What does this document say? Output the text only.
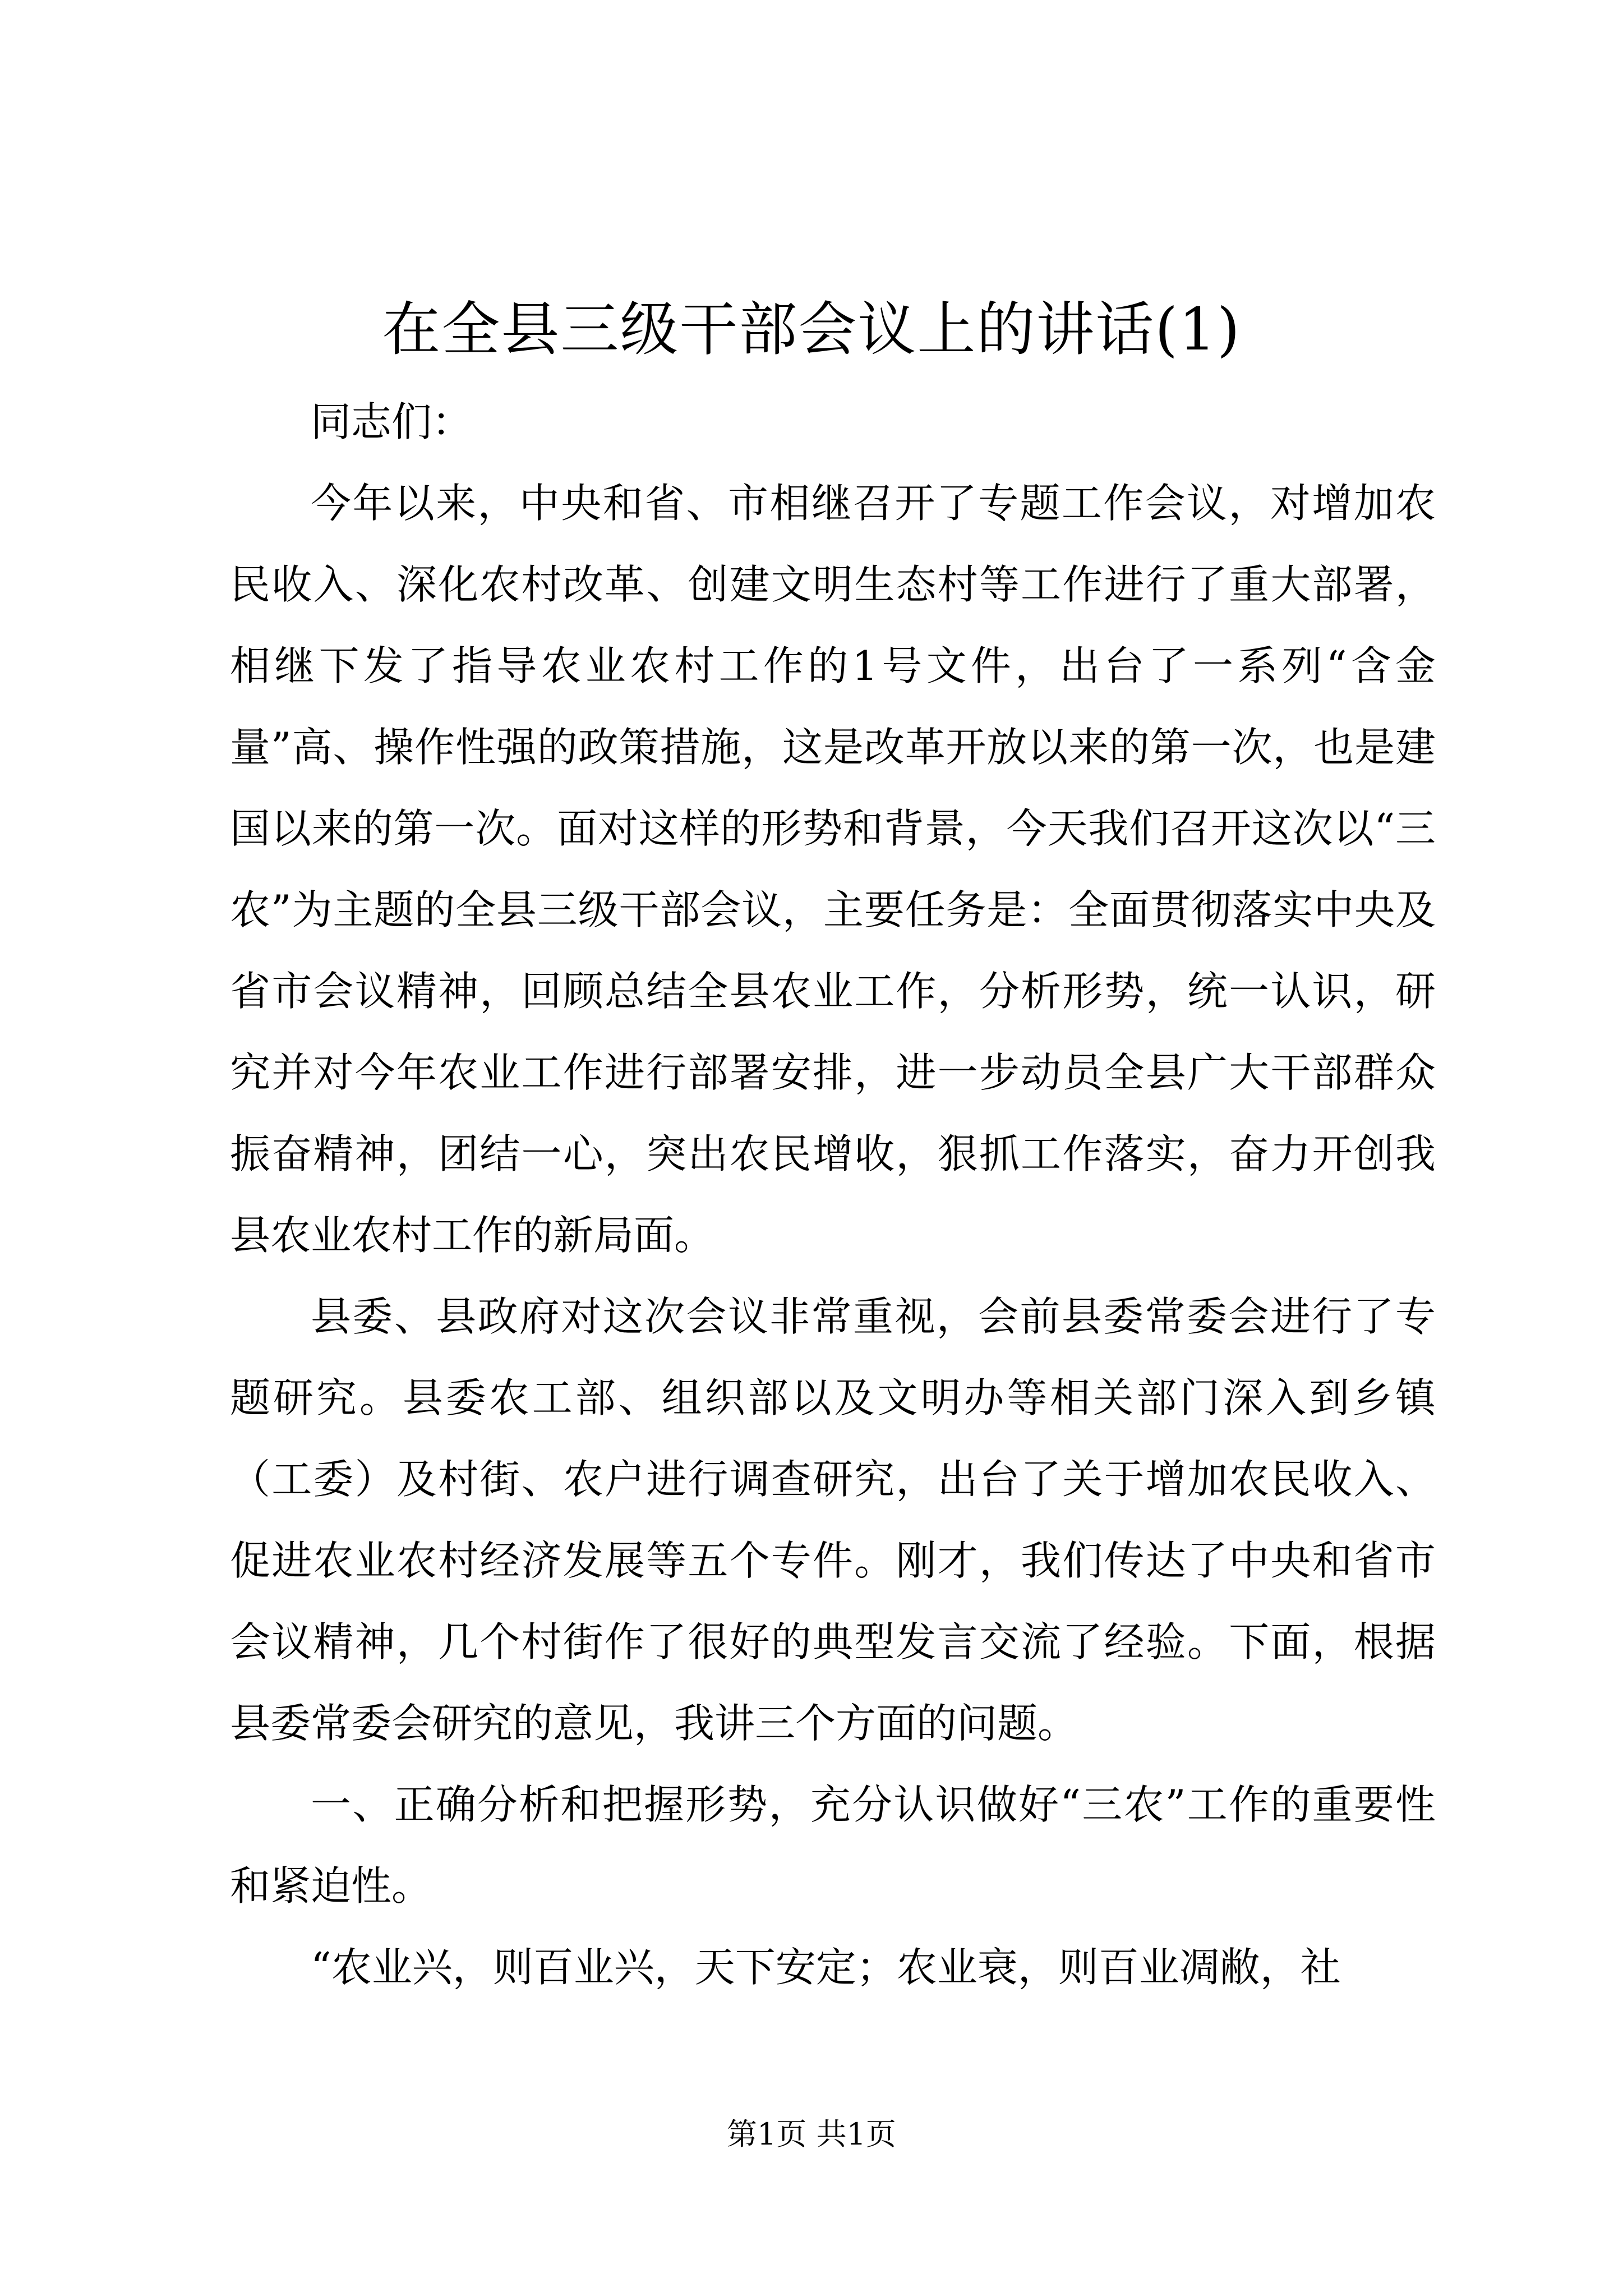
在全县三级干部会议上的讲话(1)

同志们：

今年以来，中央和省、市相继召开了专题工作会议，对增加农民收入、深化农村改革、创建文明生态村等工作进行了重大部署，相继下发了指导农业农村工作的1号文件，出台了一系列“含金量”高、操作性强的政策措施，这是改革开放以来的第一次，也是建国以来的第一次。面对这样的形势和背景，今天我们召开这次以“三农”为主题的全县三级干部会议，主要任务是：全面贯彻落实中央及省市会议精神，回顾总结全县农业工作，分析形势，统一认识，研究并对今年农业工作进行部署安排，进一步动员全县广大干部群众振奋精神，团结一心，突出农民增收，狠抓工作落实，奋力开创我县农业农村工作的新局面。

县委、县政府对这次会议非常重视，会前县委常委会进行了专题研究。县委农工部、组织部以及文明办等相关部门深入到乡镇（工委）及村街、农户进行调查研究，出台了关于增加农民收入、促进农业农村经济发展等五个专件。刚才，我们传达了中央和省市会议精神，几个村街作了很好的典型发言交流了经验。下面，根据县委常委会研究的意见，我讲三个方面的问题。

一、正确分析和把握形势，充分认识做好“三农”工作的重要性和紧迫性。

“农业兴，则百业兴，天下安定；农业衰，则百业凋敝，社

第1页 共1页
